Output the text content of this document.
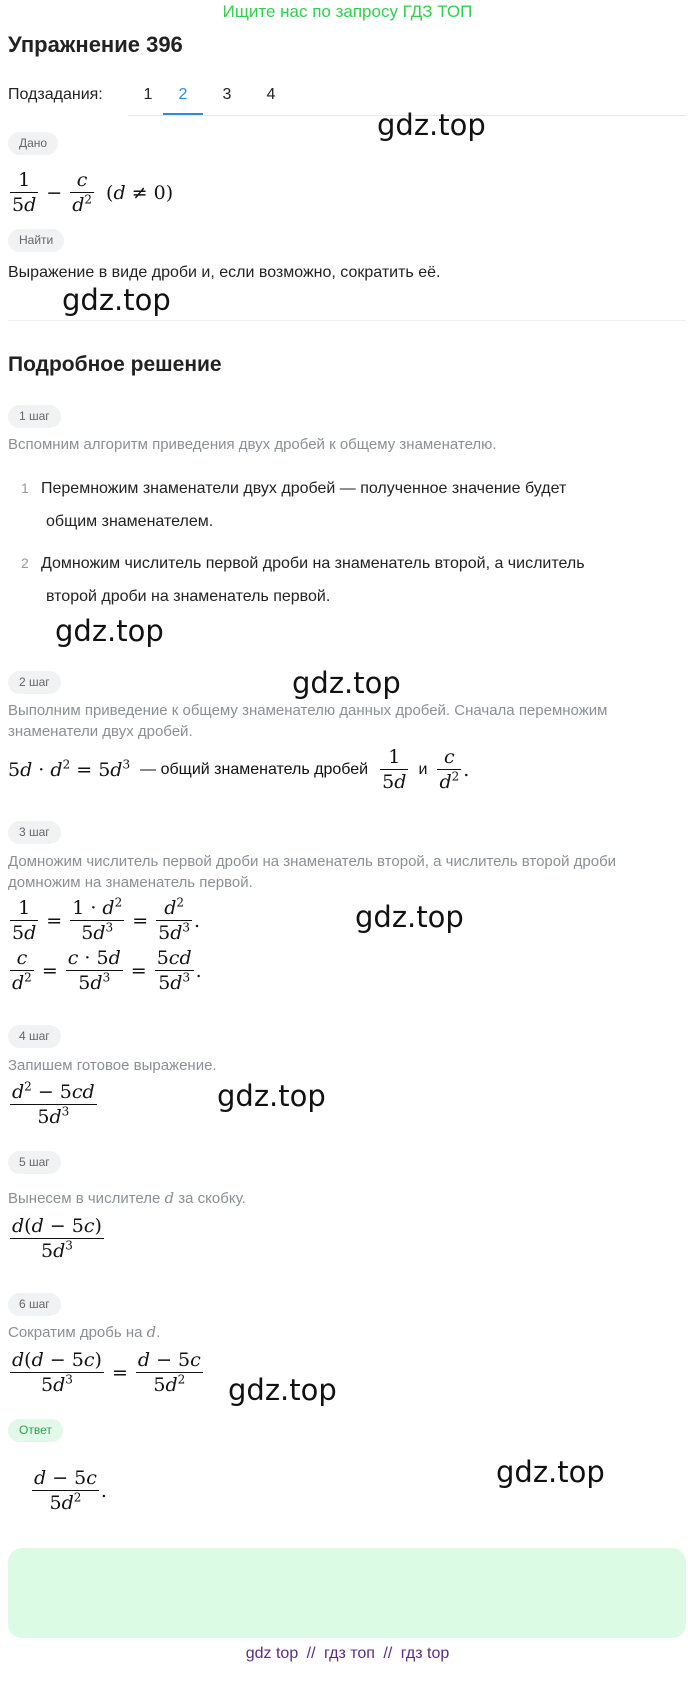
Ищите нас по запросу ГДЗ ТОП
Упражнение 396
Подзадания:	1	2	3	4
Дано
gdz.top
$\frac{1}{5d} - \frac{c}{d^2} (d \ne 0)$
Найти
Выражение в виде дроби и, если возможно, сократить её.
gdz.top
Подробное решение
1 шаг
Вспомним алгоритм приведения двух дробей к общему знаменателю.
1 Перемножим знаменатели двух дробей — полученное значение будет
общим знаменателем.
2 Домножим числитель первой дроби на знаменатель второй, а числитель
второй дроби на знаменатель первой.
gdz.top
2 шаг	gdz.top
Выполним приведение к общему знаменателю данных дробей. Сначала перемножим
знаменатели двух дробей.
$5d \cdot d^2 = 5d^3$ — общий знаменатель дробей $\frac{1}{5d}$ и $\frac{c}{d^2}$ .
3 шаг
Домножим числитель первой дроби на знаменатель второй, а числитель второй дроби
домножим на знаменатель первой.
$\frac{1}{5d} = \frac{1 \cdot d^2}{5d^3} = \frac{d^2}{5d^3}$ .	gdz.top
$\frac{c}{d^2} = \frac{c \cdot 5d}{5d^3} = \frac{5cd}{5d^3}$ .
4 шаг
Запишем готовое выражение.
$\frac{d^2 - 5cd}{5d^3}$	gdz.top
5 шаг
Вынесем в числителе d за скобку.
$\frac{d(d - 5c)}{5d^3}$
6 шаг
Сократим дробь на d.
$\frac{d(d - 5c)}{5d^3} = \frac{d - 5c}{5d^2} gdz.top$
Ответ
$\frac{d - 5c}{5d^2}$ .
gdz.top
gdz top // гдз топ // гдз top
